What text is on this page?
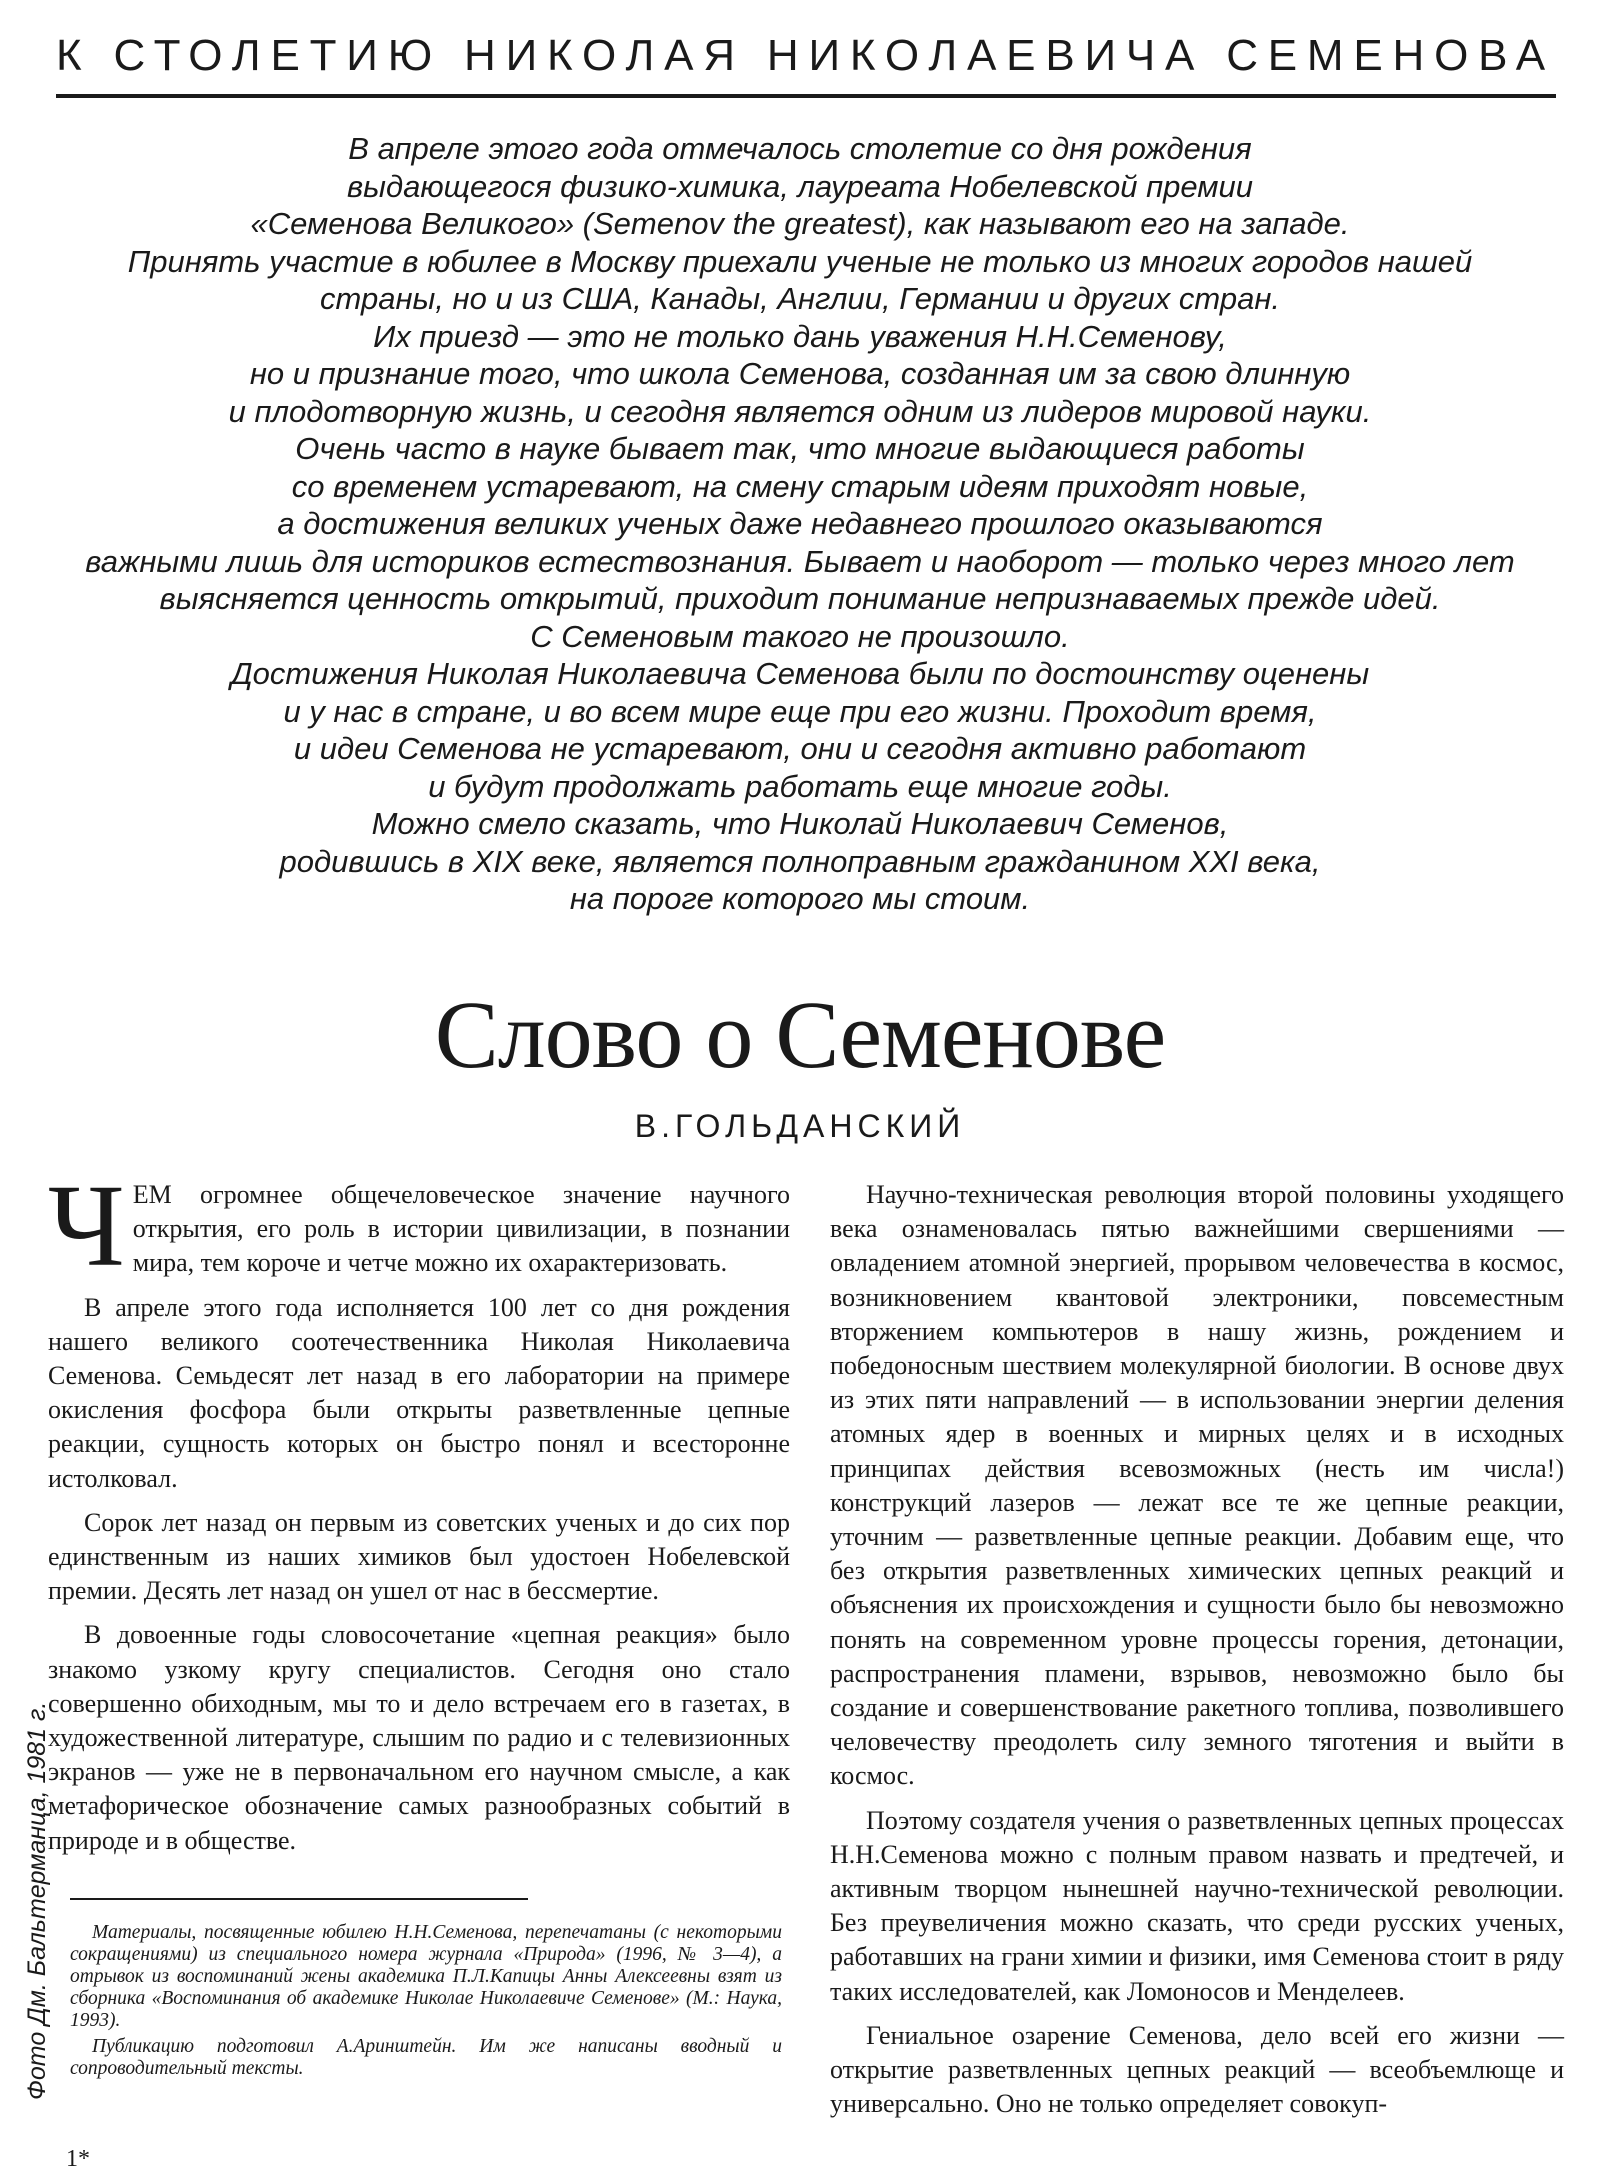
К СТОЛЕТИЮ НИКОЛАЯ НИКОЛАЕВИЧА СЕМЕНОВА
В апреле этого года отмечалось столетие со дня рождения
выдающегося физико-химика, лауреата Нобелевской премии
«Семенова Великого» (Semenov the greatest), как называют его на западе.
Принять участие в юбилее в Москву приехали ученые не только из многих городов нашей
страны, но и из США, Канады, Англии, Германии и других стран.
Их приезд — это не только дань уважения Н.Н.Семенову,
но и признание того, что школа Семенова, созданная им за свою длинную
и плодотворную жизнь, и сегодня является одним из лидеров мировой науки.
Очень часто в науке бывает так, что многие выдающиеся работы
со временем устаревают, на смену старым идеям приходят новые,
а достижения великих ученых даже недавнего прошлого оказываются
важными лишь для историков естествознания. Бывает и наоборот — только через много лет
выясняется ценность открытий, приходит понимание непризнаваемых прежде идей.
С Семеновым такого не произошло.
Достижения Николая Николаевича Семенова были по достоинству оценены
и у нас в стране, и во всем мире еще при его жизни. Проходит время,
и идеи Семенова не устаревают, они и сегодня активно работают
и будут продолжать работать еще многие годы.
Можно смело сказать, что Николай Николаевич Семенов,
родившись в XIX веке, является полноправным гражданином XXI века,
на пороге которого мы стоим.
Слово о Семенове
В.ГОЛЬДАНСКИЙ

ЧЕМ огромнее общечеловеческое значение научного открытия, его роль в истории цивилизации, в познании мира, тем короче и четче можно их охарактеризовать.

В апреле этого года исполняется 100 лет со дня рождения нашего великого соотечественника Николая Николаевича Семенова. Семьдесят лет назад в его лаборатории на примере окисления фосфора были открыты разветвленные цепные реакции, сущность которых он быстро понял и всесторонне истолковал.

Сорок лет назад он первым из советских ученых и до сих пор единственным из наших химиков был удостоен Нобелевской премии. Десять лет назад он ушел от нас в бессмертие.

В довоенные годы словосочетание «цепная реакция» было знакомо узкому кругу специалистов. Сегодня оно стало совершенно обиходным, мы то и дело встречаем его в газетах, в художественной литературе, слышим по радио и с телевизионных экранов — уже не в первоначальном его научном смысле, а как метафорическое обозначение самых разнообразных событий в природе и в обществе.

Научно-техническая революция второй половины уходящего века ознаменовалась пятью важнейшими свершениями — овладением атомной энергией, прорывом человечества в космос, возникновением квантовой электроники, повсеместным вторжением компьютеров в нашу жизнь, рождением и победоносным шествием молекулярной биологии. В основе двух из этих пяти направлений — в использовании энергии деления атомных ядер в военных и мирных целях и в исходных принципах действия всевозможных (несть им числа!) конструкций лазеров — лежат все те же цепные реакции, уточним — разветвленные цепные реакции. Добавим еще, что без открытия разветвленных химических цепных реакций и объяснения их происхождения и сущности было бы невозможно понять на современном уровне процессы горения, детонации, распространения пламени, взрывов, невозможно было бы создание и совершенствование ракетного топлива, позволившего человечеству преодолеть силу земного тяготения и выйти в космос.

Поэтому создателя учения о разветвленных цепных процессах Н.Н.Семенова можно с полным правом назвать и предтечей, и активным творцом нынешней научно-технической революции. Без преувеличения можно сказать, что среди русских ученых, работавших на грани химии и физики, имя Семенова стоит в ряду таких исследователей, как Ломоносов и Менделеев.

Гениальное озарение Семенова, дело всей его жизни — открытие разветвленных цепных реакций — всеобъемлюще и универсально. Оно не только определяет совокуп-

Материалы, посвященные юбилею Н.Н.Семенова, перепечатаны (с некоторыми сокращениями) из специального номера журнала «Природа» (1996, № 3—4), а отрывок из воспоминаний жены академика П.Л.Капицы Анны Алексеевны взят из сборника «Воспоминания об академике Николае Николаевиче Семенове» (М.: Наука, 1993).

Публикацию подготовил А.Аринштейн. Им же написаны вводный и сопроводительный тексты.

Фото Дм. Бальтерманца, 1981 г.
1*
